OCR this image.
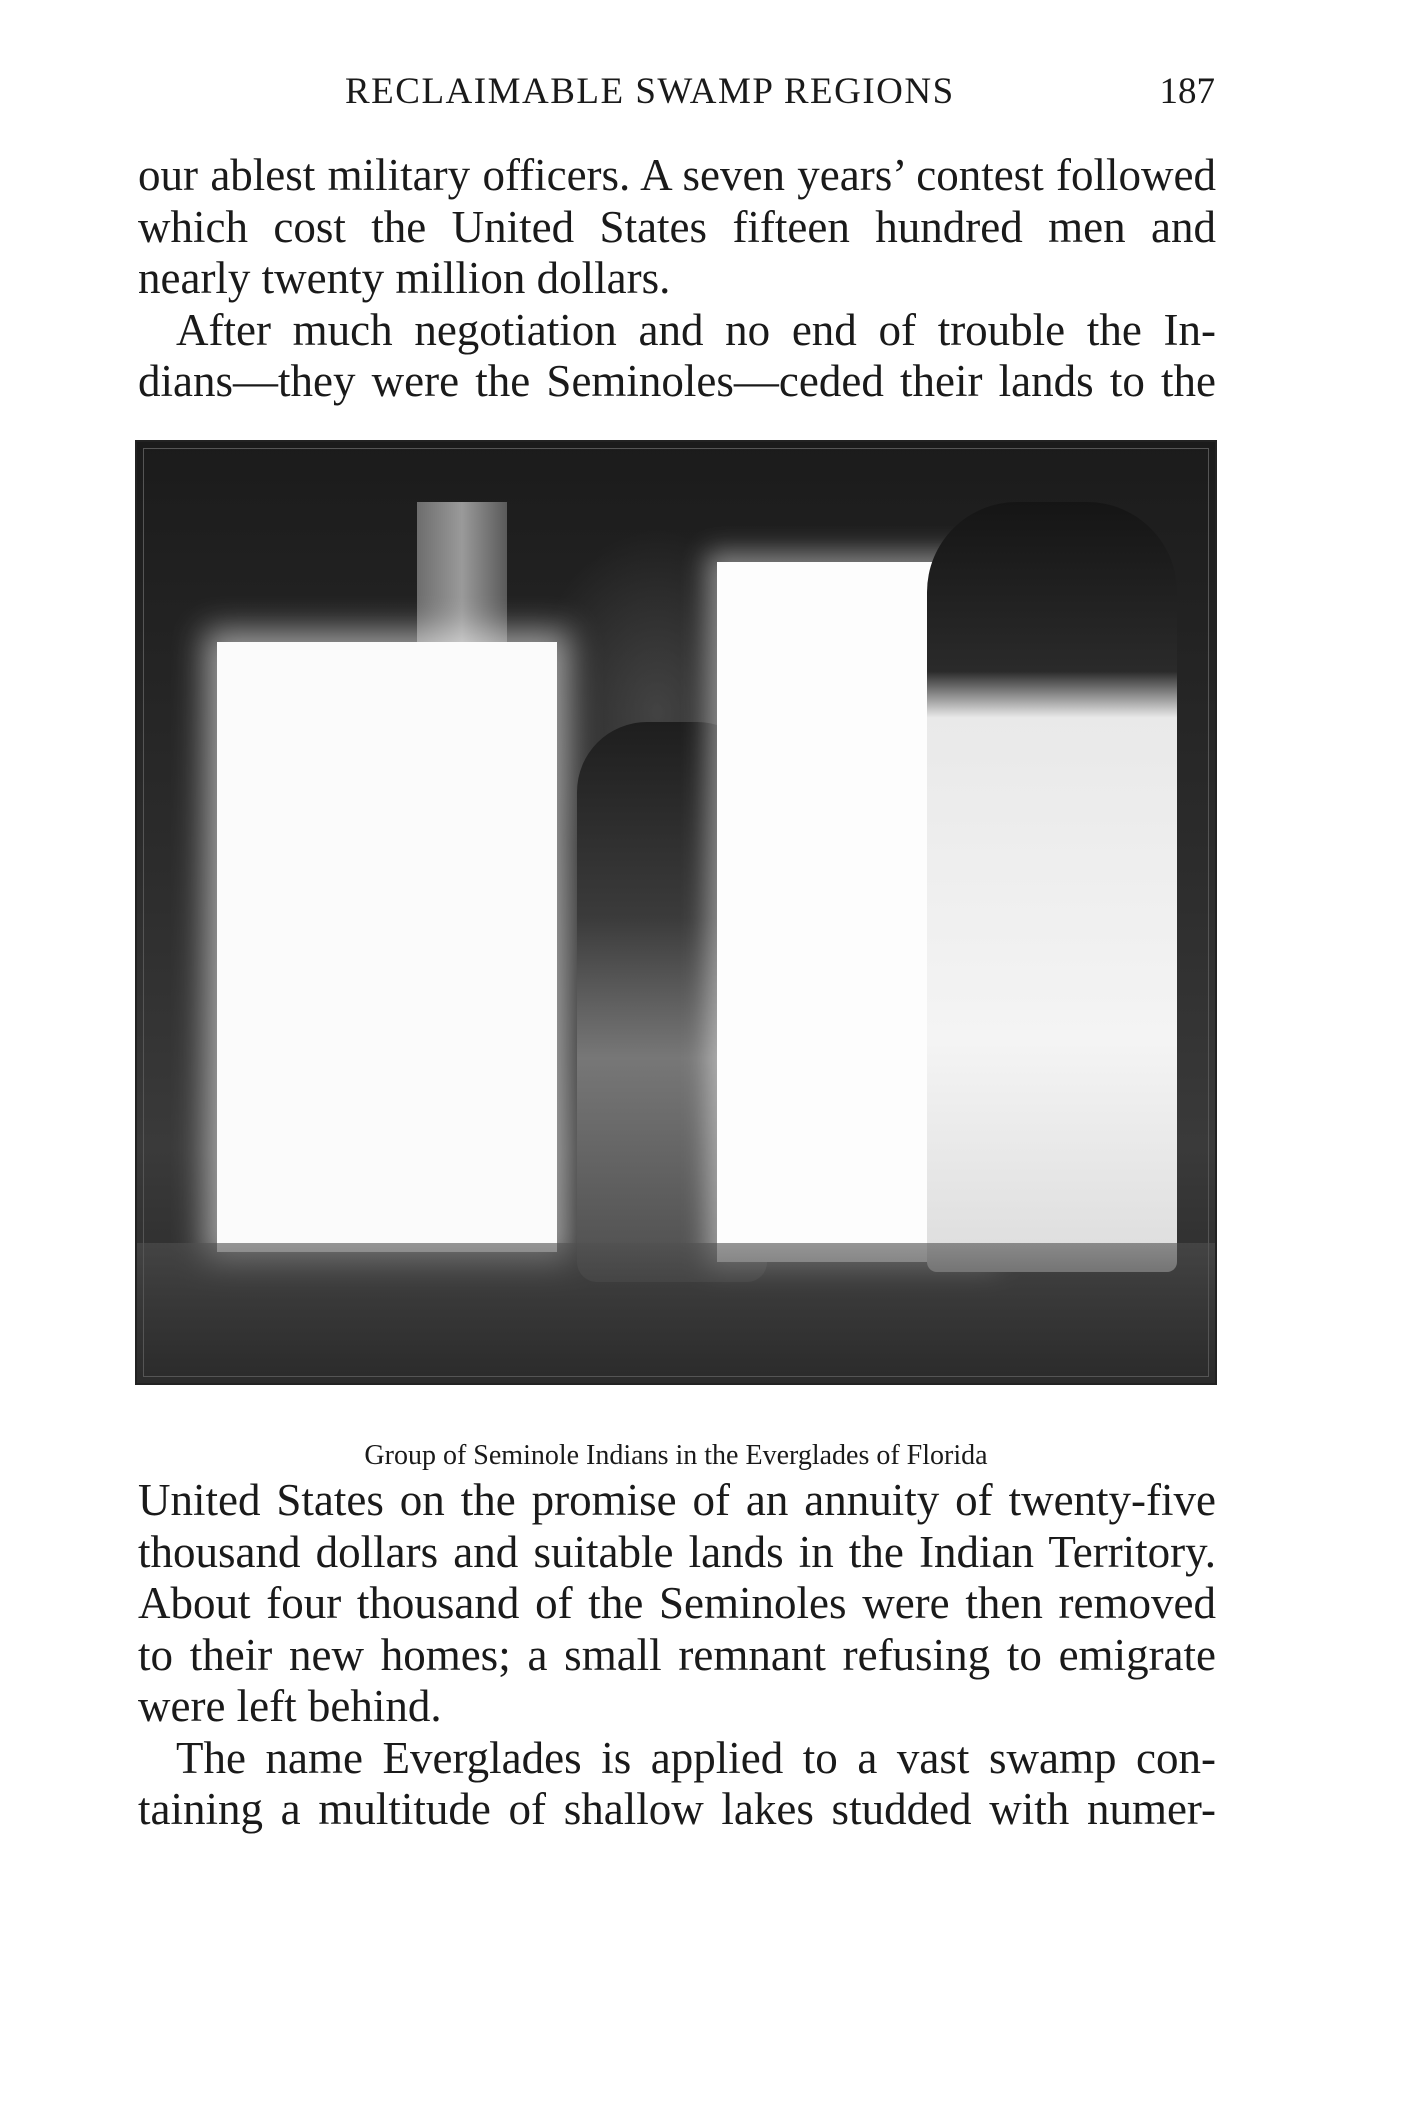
RECLAIMABLE SWAMP REGIONS	187
our ablest military officers. A seven years’ contest followed
which cost the United States fifteen hundred men and
nearly twenty million dollars.
After much negotiation and no end of trouble the In-
dians—they were the Seminoles—ceded their lands to the
Group of Seminole Indians in the Everglades of Florida
United States on the promise of an annuity of twenty-five
thousand dollars and suitable lands in the Indian Territory.
About four thousand of the Seminoles were then removed
to their new homes; a small remnant refusing to emigrate
were left behind.
The name Everglades is applied to a vast swamp con-
taining a multitude of shallow lakes studded with numer-
